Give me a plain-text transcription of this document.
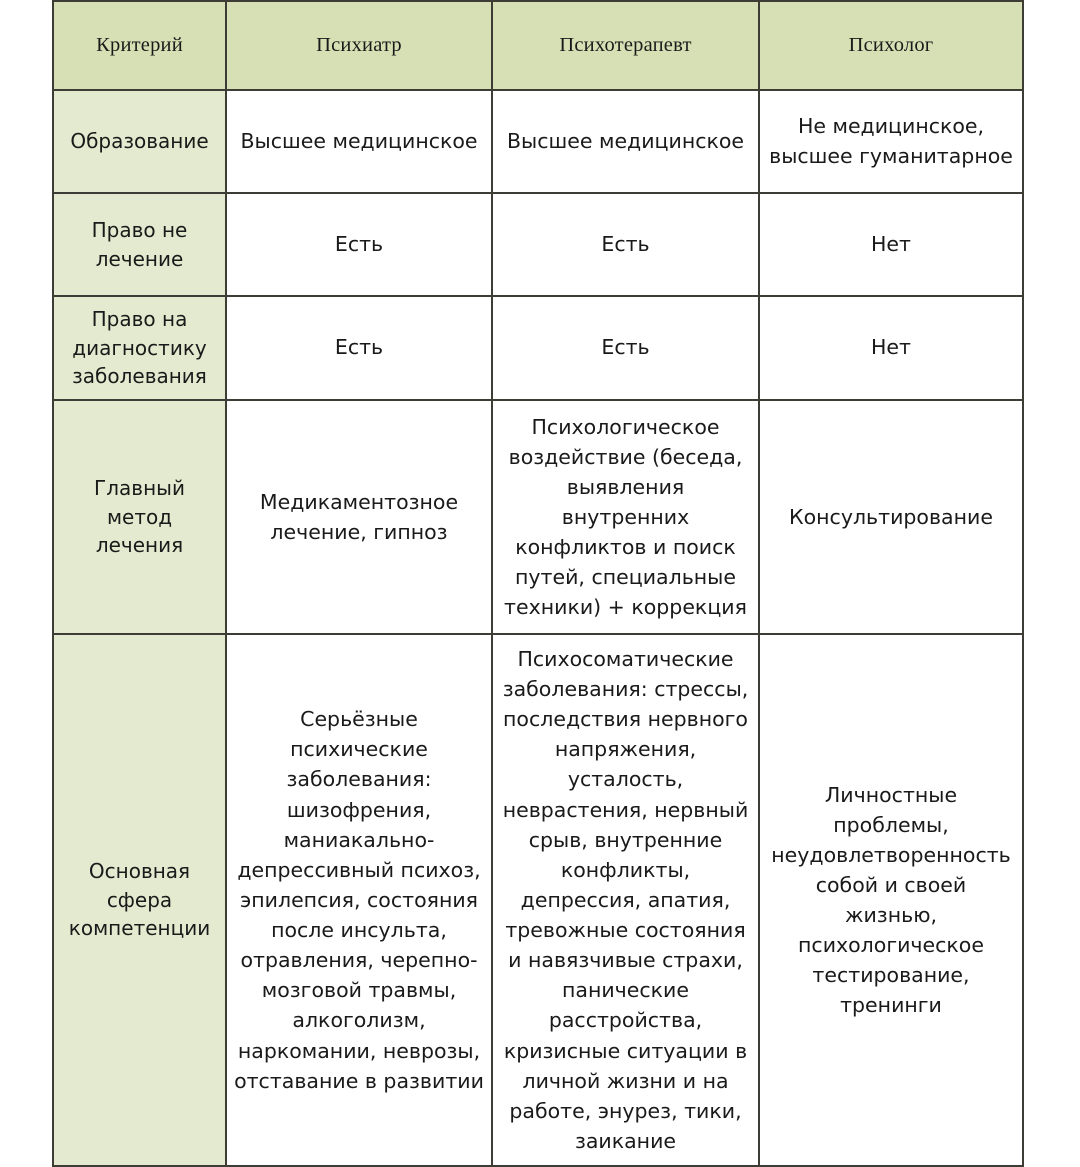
Критерий	Психиатр	Психотерапевт	Психолог
Образование	Высшее медицинское	Высшее медицинское	Не медицинское, высшее гуманитарное
Право не лечение	Есть	Есть	Нет
Право на диагностику заболевания	Есть	Есть	Нет
Главный метод лечения	Медикаментозное лечение, гипноз	Психологическое воздействие (беседа, выявления внутренних конфликтов и поиск путей, специальные техники) + коррекция	Консультирование
Основная сфера компетенции	Серьёзные психические заболевания: шизофрения, маниакально-депрессивный психоз, эпилепсия, состояния после инсульта, отравления, черепно-мозговой травмы, алкоголизм, наркомании, неврозы, отставание в развитии	Психосоматические заболевания: стрессы, последствия нервного напряжения, усталость, неврастения, нервный срыв, внутренние конфликты, депрессия, апатия, тревожные состояния и навязчивые страхи, панические расстройства, кризисные ситуации в личной жизни и на работе, энурез, тики, заикание	Личностные проблемы, неудовлетворенность собой и своей жизнью, психологическое тестирование, тренинги
